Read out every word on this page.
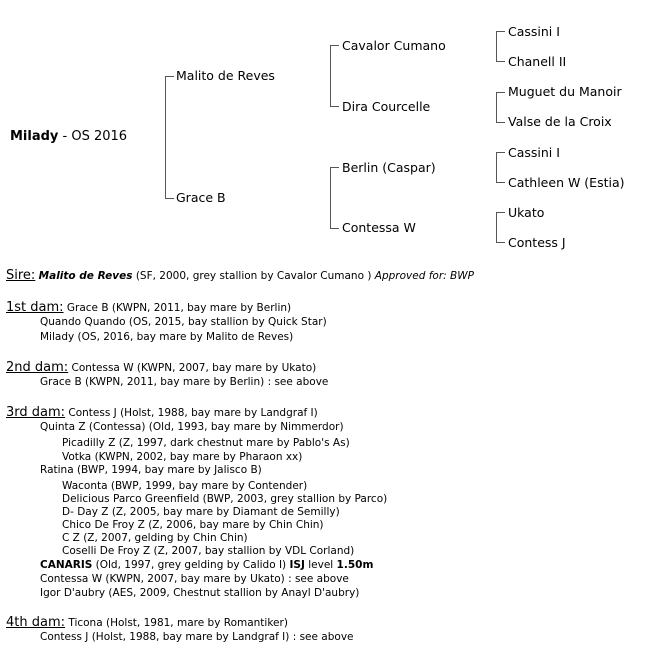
Milady - OS 2016
Malito de Reves
Grace B
Cavalor Cumano
Dira Courcelle
Berlin (Caspar)
Contessa W
Cassini I
Chanell II
Muguet du Manoir
Valse de la Croix
Cassini I
Cathleen W (Estia)
Ukato
Contess J
Sire: Malito de Reves (SF, 2000, grey stallion by Cavalor Cumano ) Approved for: BWP
1st dam: Grace B (KWPN, 2011, bay mare by Berlin)
Quando Quando (OS, 2015, bay stallion by Quick Star)
Milady (OS, 2016, bay mare by Malito de Reves)
2nd dam: Contessa W (KWPN, 2007, bay mare by Ukato)
Grace B (KWPN, 2011, bay mare by Berlin) : see above
3rd dam: Contess J (Holst, 1988, bay mare by Landgraf I)
Quinta Z (Contessa) (Old, 1993, bay mare by Nimmerdor)
Picadilly Z (Z, 1997, dark chestnut mare by Pablo's As)
Votka (KWPN, 2002, bay mare by Pharaon xx)
Ratina (BWP, 1994, bay mare by Jalisco B)
Waconta (BWP, 1999, bay mare by Contender)
Delicious Parco Greenfield (BWP, 2003, grey stallion by Parco)
D- Day Z (Z, 2005, bay mare by Diamant de Semilly)
Chico De Froy Z (Z, 2006, bay mare by Chin Chin)
C Z (Z, 2007, gelding by Chin Chin)
Coselli De Froy Z (Z, 2007, bay stallion by VDL Corland)
CANARIS (Old, 1997, grey gelding by Calido I) ISJ level 1.50m
Contessa W (KWPN, 2007, bay mare by Ukato) : see above
Igor D'aubry (AES, 2009, Chestnut stallion by Anayl D'aubry)
4th dam: Ticona (Holst, 1981, mare by Romantiker)
Contess J (Holst, 1988, bay mare by Landgraf I) : see above
